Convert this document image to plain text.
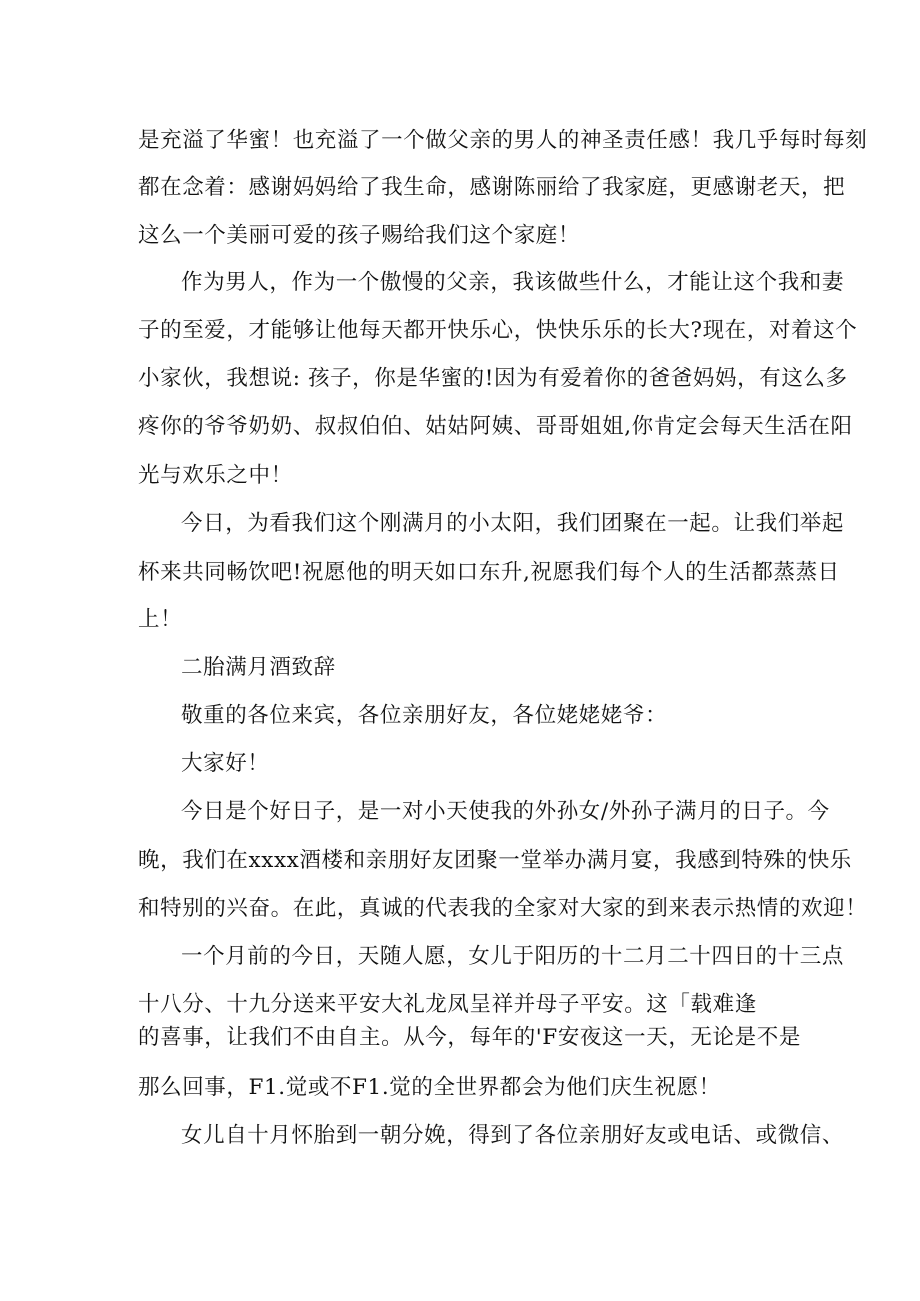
是充溢了华蜜！也充溢了一个做父亲的男人的神圣责任感！我几乎每时每刻
都在念着：感谢妈妈给了我生命，感谢陈丽给了我家庭，更感谢老天，把
这么一个美丽可爱的孩子赐给我们这个家庭！
作为男人，作为一个傲慢的父亲，我该做些什么，才能让这个我和妻
子的至爱，才能够让他每天都开快乐心，快快乐乐的长大?现在，对着这个
小家伙，我想说: 孩子，你是华蜜的!因为有爱着你的爸爸妈妈，有这么多
疼你的爷爷奶奶、叔叔伯伯、姑姑阿姨、哥哥姐姐,你肯定会每天生活在阳
光与欢乐之中！
今日，为看我们这个刚满月的小太阳，我们团聚在一起。让我们举起
杯来共同畅饮吧!祝愿他的明天如口东升,祝愿我们每个人的生活都蒸蒸日
上！
二胎满月酒致辞
敬重的各位来宾，各位亲朋好友，各位姥姥姥爷：
大家好！
今日是个好日子，是一对小天使我的外孙女/外孙子满月的日子。今
晚，我们在xxxx酒楼和亲朋好友团聚一堂举办满月宴，我感到特殊的快乐
和特别的兴奋。在此，真诚的代表我的全家对大家的到来表示热情的欢迎！
一个月前的今日，天随人愿，女儿于阳历的十二月二十四日的十三点
十八分、十九分送来平安大礼龙凤呈祥并母子平安。这「载难逢
的喜事，让我们不由自主。从今，每年的'F安夜这一天，无论是不是
那么回事，F1.觉或不F1.觉的全世界都会为他们庆生祝愿！
女儿自十月怀胎到一朝分娩，得到了各位亲朋好友或电话、或微信、
